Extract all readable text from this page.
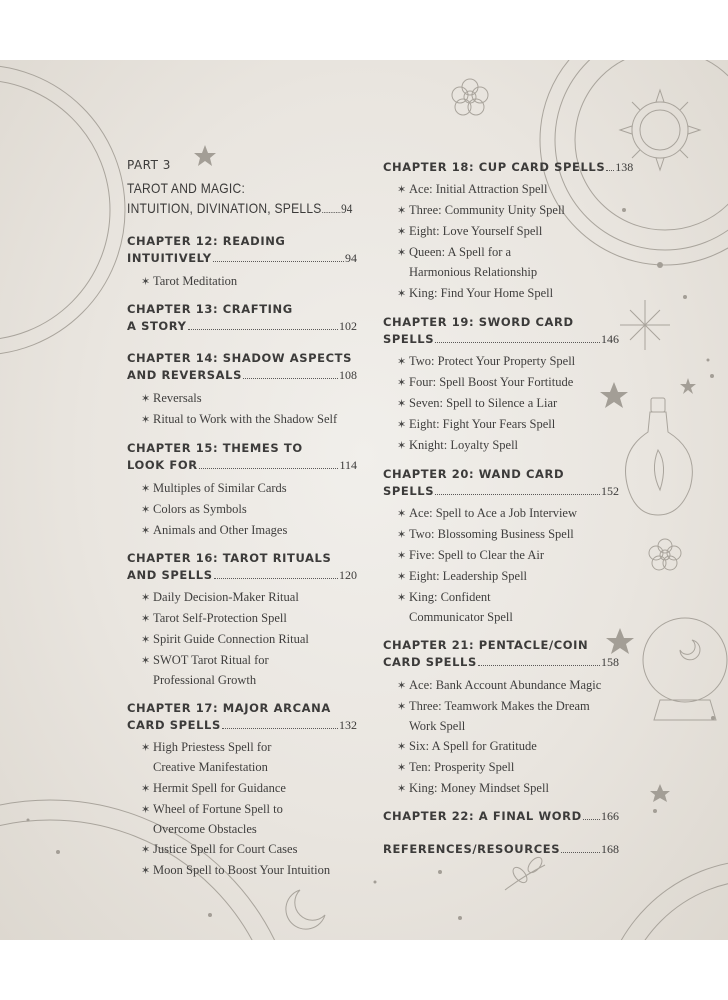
PART 3
TAROT AND MAGIC:
INTUITION, DIVINATION, SPELLS 94
CHAPTER 12: READING
INTUITIVELY	94
✶ Tarot Meditation
CHAPTER 13: CRAFTING
A STORY	102
CHAPTER 14: SHADOW ASPECTS
AND REVERSALS	108
✶ Reversals
✶ Ritual to Work with the Shadow Self
CHAPTER 15: THEMES TO
LOOK FOR	114
✶ Multiples of Similar Cards
✶ Colors as Symbols
✶ Animals and Other Images
CHAPTER 16: TAROT RITUALS
AND SPELLS	120
✶ Daily Decision-Maker Ritual
✶ Tarot Self-Protection Spell
✶ Spirit Guide Connection Ritual
✶ SWOT Tarot Ritual for
Professional Growth
CHAPTER 17: MAJOR ARCANA
CARD SPELLS	132
✶ High Priestess Spell for
Creative Manifestation
✶ Hermit Spell for Guidance
✶ Wheel of Fortune Spell to
Overcome Obstacles
✶ Justice Spell for Court Cases
✶ Moon Spell to Boost Your Intuition
CHAPTER 18: CUP CARD SPELLS 138
✶ Ace: Initial Attraction Spell
✶ Three: Community Unity Spell
✶ Eight: Love Yourself Spell
✶ Queen: A Spell for a
Harmonious Relationship
✶ King: Find Your Home Spell
CHAPTER 19: SWORD CARD
SPELLS	146
✶ Two: Protect Your Property Spell
✶ Four: Spell Boost Your Fortitude
✶ Seven: Spell to Silence a Liar
✶ Eight: Fight Your Fears Spell
✶ Knight: Loyalty Spell
CHAPTER 20: WAND CARD
SPELLS	152
✶ Ace: Spell to Ace a Job Interview
✶ Two: Blossoming Business Spell
✶ Five: Spell to Clear the Air
✶ Eight: Leadership Spell
✶ King: Confident
Communicator Spell
CHAPTER 21: PENTACLE/COIN
CARD SPELLS	158
✶ Ace: Bank Account Abundance Magic
✶ Three: Teamwork Makes the Dream
Work Spell
✶ Six: A Spell for Gratitude
✶ Ten: Prosperity Spell
✶ King: Money Mindset Spell
CHAPTER 22: A FINAL WORD 166
REFERENCES/RESOURCES	168
